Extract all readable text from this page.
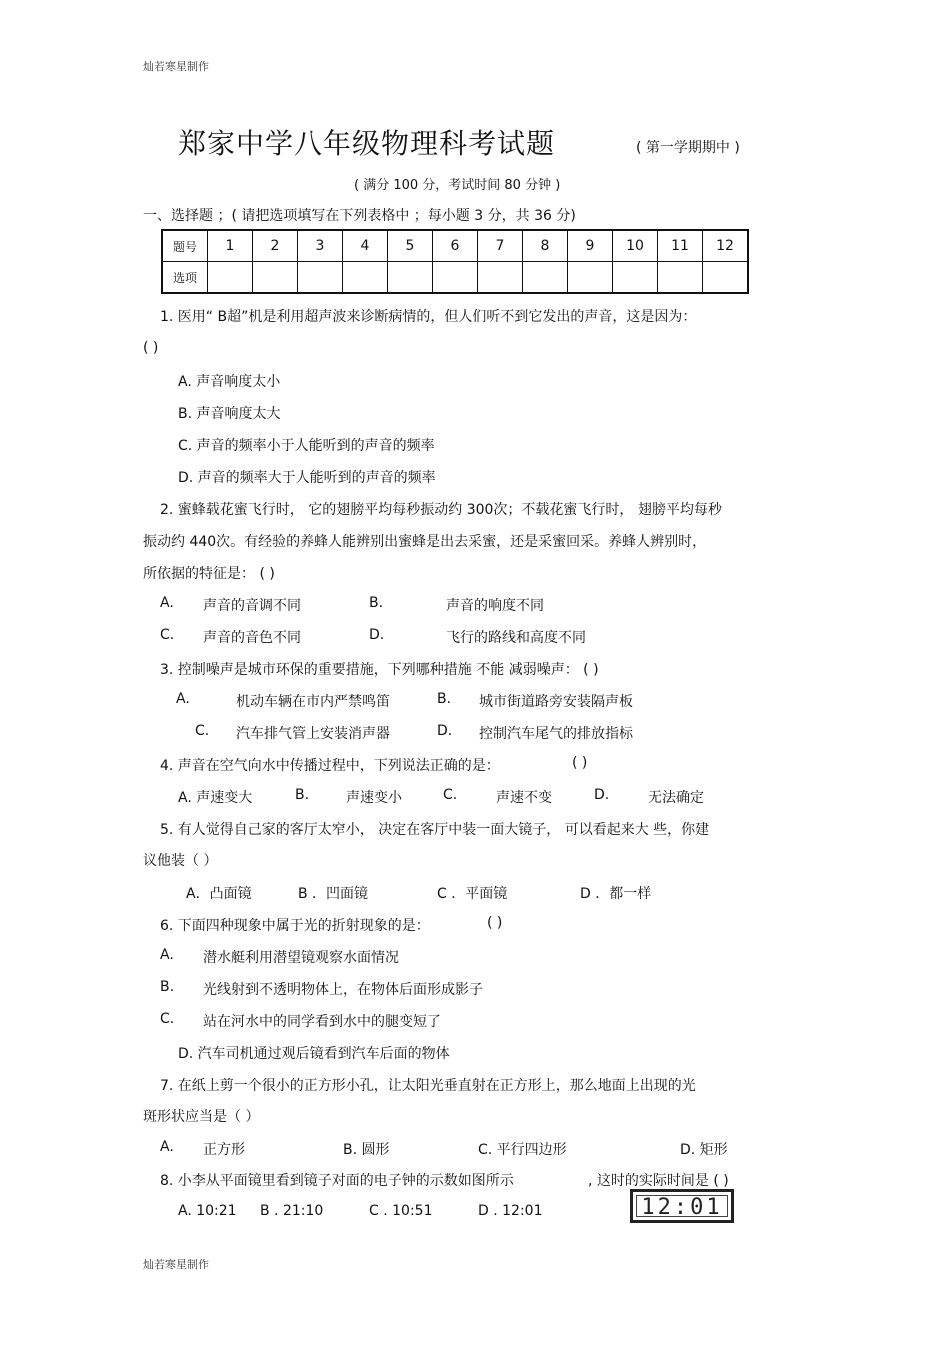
灿若寒星制作
灿若寒星制作
郑家中学八年级物理科考试题	( 第一学期期中 )
( 满分 100 分，考试时间 80 分钟 )
一、选择题 ；( 请把选项填写在下列表格中 ；每小题 3 分，共 36 分)
题号	1	2	3	4	5	6	7	8	9	10	11	12
选项												
1. 医用“ B超”机是利用超声波来诊断病情的，但人们听不到它发出的声音，这是因为：
( )
A. 声音响度太小
B. 声音响度太大
C. 声音的频率小于人能听到的声音的频率
D. 声音的频率大于人能听到的声音的频率
2. 蜜蜂载花蜜飞行时， 它的翅膀平均每秒振动约 300次；不载花蜜飞行时， 翅膀平均每秒
振动约 440次。有经验的养蜂人能辨别出蜜蜂是出去采蜜，还是采蜜回采。养蜂人辨别时，
所依据的特征是： ( )
A. 声音的音调不同	B.	声音的响度不同
C. 声音的音色不同	D.	飞行的路线和高度不同
3. 控制噪声是城市环保的重要措施，下列哪种措施 不能 减弱噪声： ( )
A.	机动车辆在市内严禁鸣笛	B. 城市街道路旁安装隔声板
C. 汽车排气管上安装消声器	D. 控制汽车尾气的排放指标
4. 声音在空气向水中传播过程中，下列说法正确的是：	( )
A. 声速变大	B.	声速变小	C.	声速不变	D.	无法确定
5. 有人觉得自己家的客厅太窄小， 决定在客厅中装一面大镜子， 可以看起来大 些，你建
议他装（ ）
A．凸面镜	B ．凹面镜	C ．平面镜	D ．都一样
6. 下面四种现象中属于光的折射现象的是：	( )
A. 潜水艇利用潜望镜观察水面情况
B. 光线射到不透明物体上，在物体后面形成影子
C. 站在河水中的同学看到水中的腿变短了
D. 汽车司机通过观后镜看到汽车后面的物体
7. 在纸上剪一个很小的正方形小孔，让太阳光垂直射在正方形上，那么地面上出现的光
斑形状应当是（ ）
A. 正方形	B. 圆形	C. 平行四边形	D. 矩形
8. 小李从平面镜里看到镜子对面的电子钟的示数如图所示	, 这时的实际时间是 ( )
A. 10:21 B . 21:10	C . 10:51	D . 12:01	12:01
